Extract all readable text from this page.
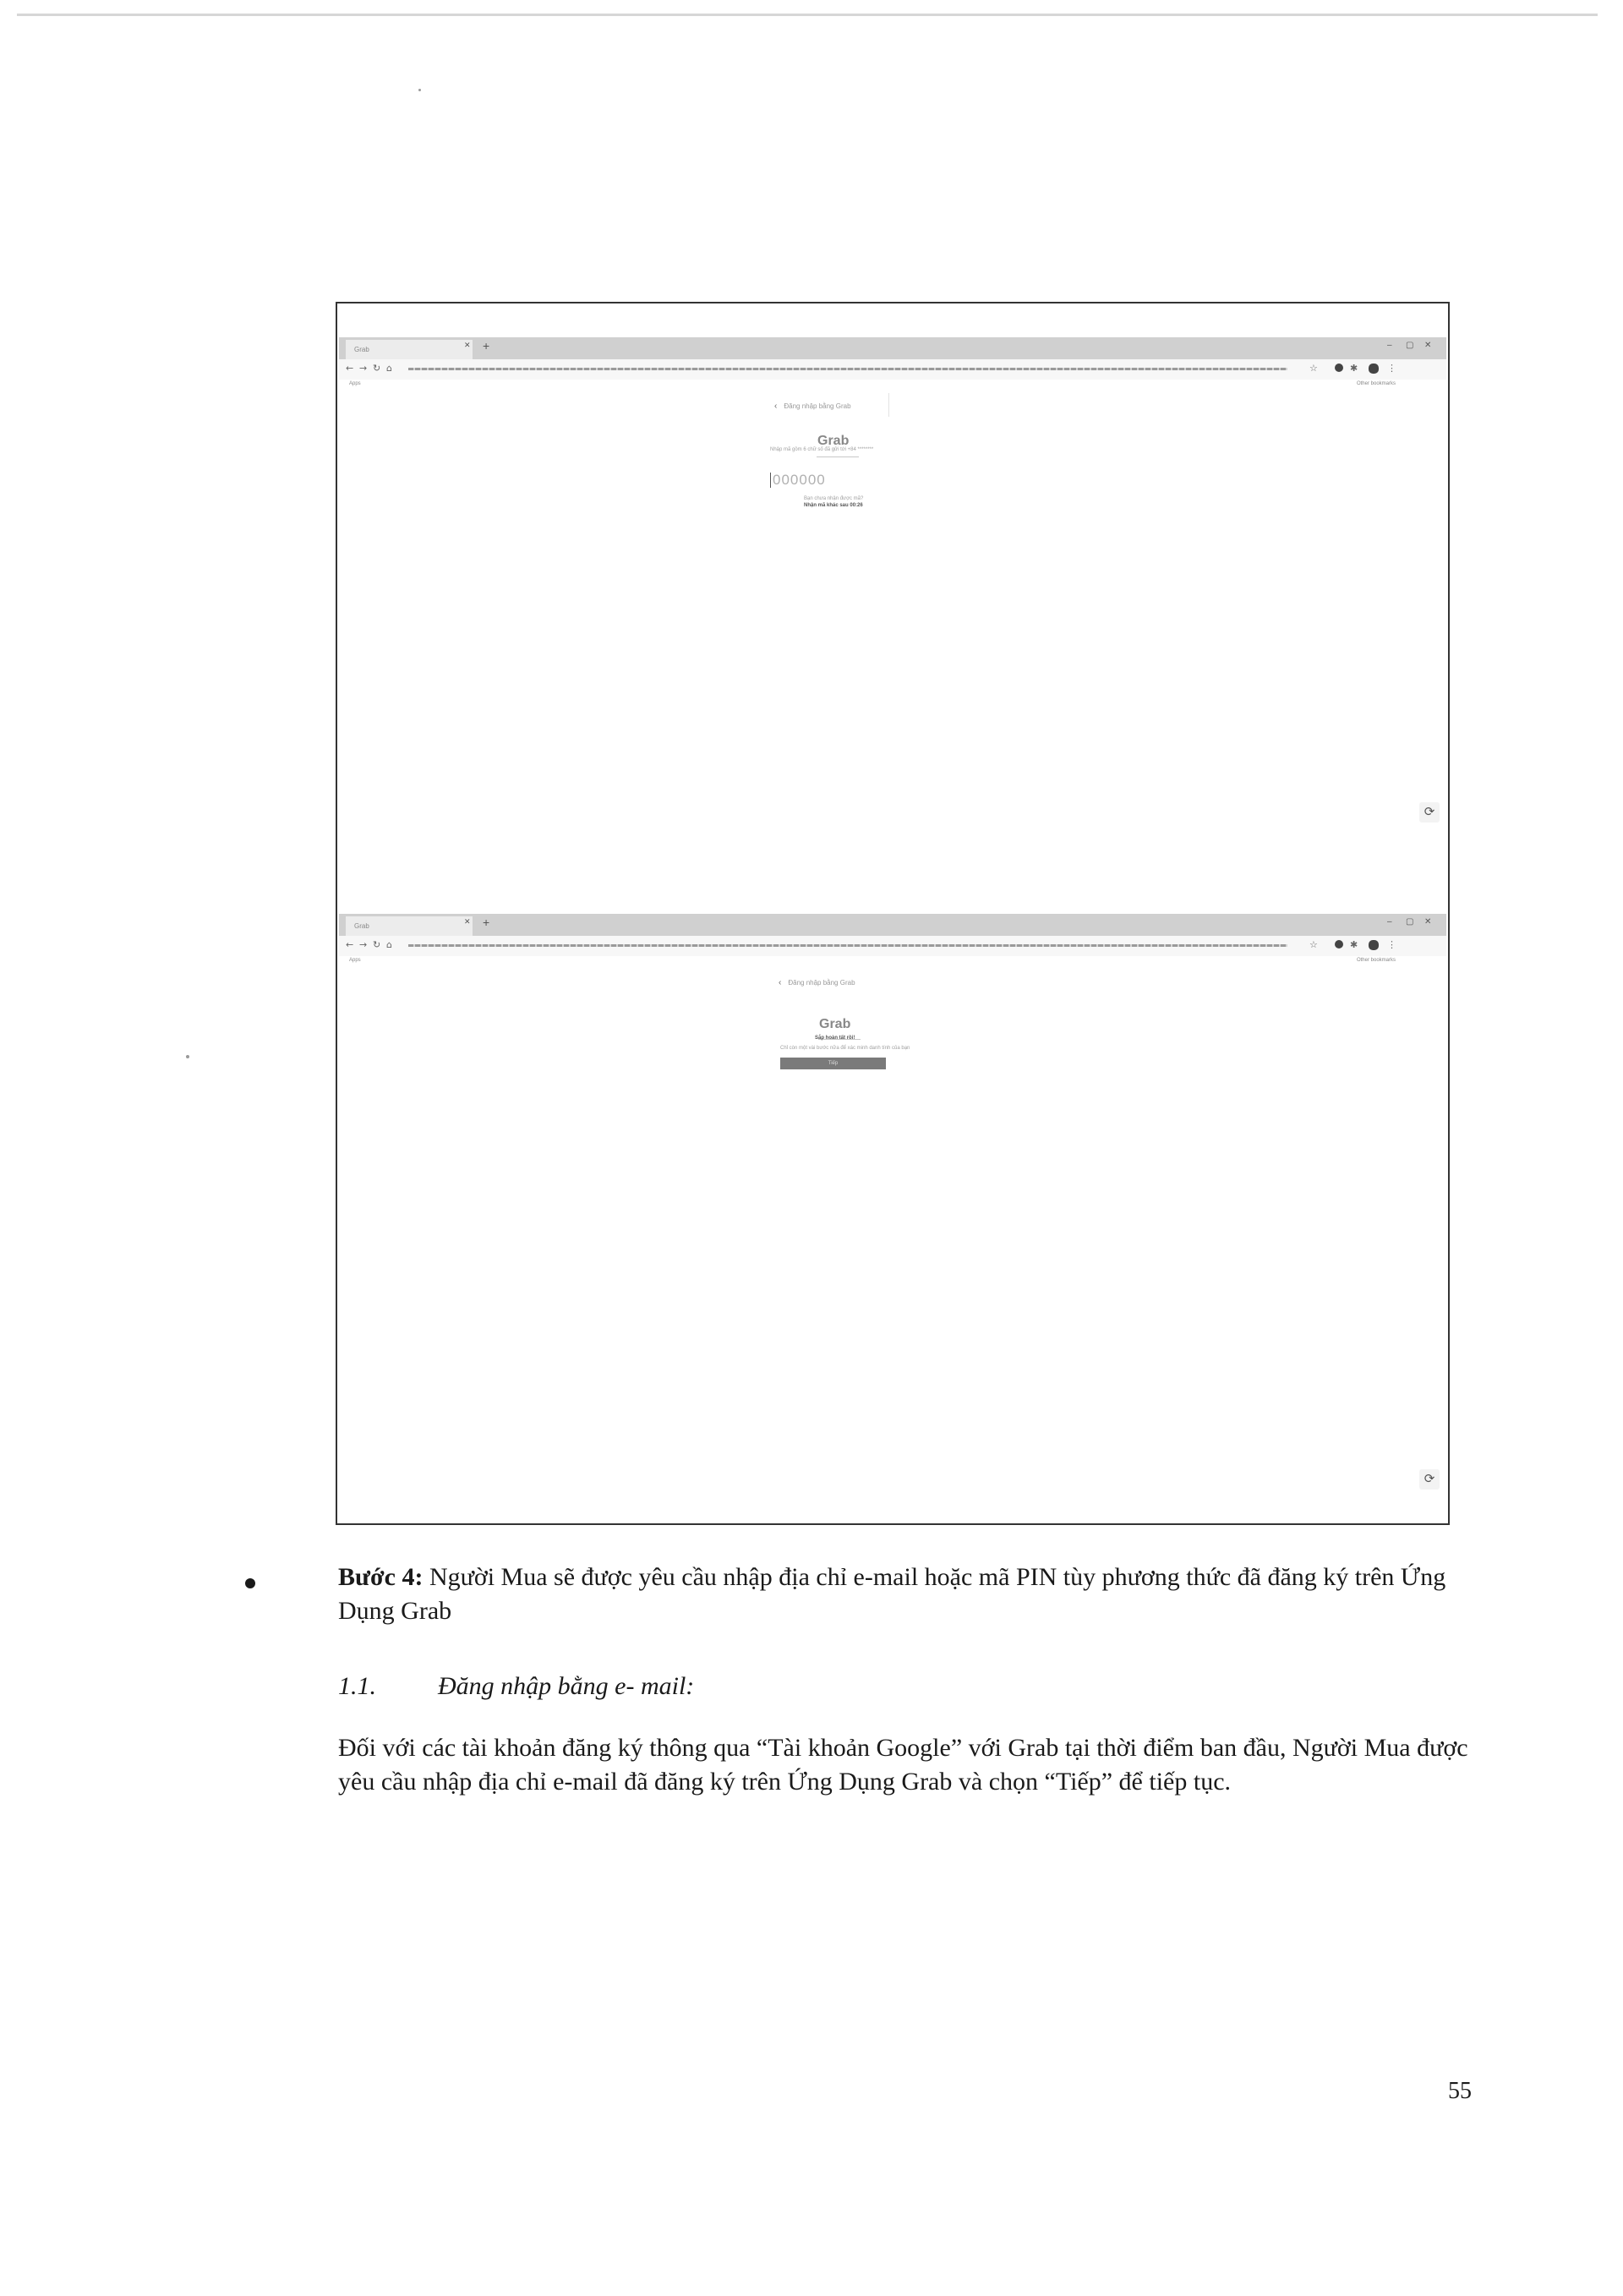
Grab
✕ +	– ▢ ✕
← → ↻ ⌂	☆	✱	⋮
Apps	Other bookmarks
‹ Đăng nhập bằng Grab
Grab
Nhập mã gồm 6 chữ số đã gửi tới +84 ********
000000
Bạn chưa nhận được mã?
Nhận mã khác sau 00:26
⟳
Grab
✕ +	– ▢ ✕
← → ↻ ⌂	☆	✱	⋮
Apps	Other bookmarks
‹ Đăng nhập bằng Grab
Grab
Sắp hoàn tất rồi!
Chỉ còn một vài bước nữa để xác minh danh tính của bạn
Tiếp
⟳

Bước 4: Người Mua sẽ được yêu cầu nhập địa chỉ e-mail hoặc mã PIN tùy phương thức đã đăng ký trên Ứng Dụng Grab

1.1. Đăng nhập bằng e- mail:

Đối với các tài khoản đăng ký thông qua “Tài khoản Google” với Grab tại thời điểm ban đầu, Người Mua được yêu cầu nhập địa chỉ e-mail đã đăng ký trên Ứng Dụng Grab và chọn “Tiếp” để tiếp tục.

55
